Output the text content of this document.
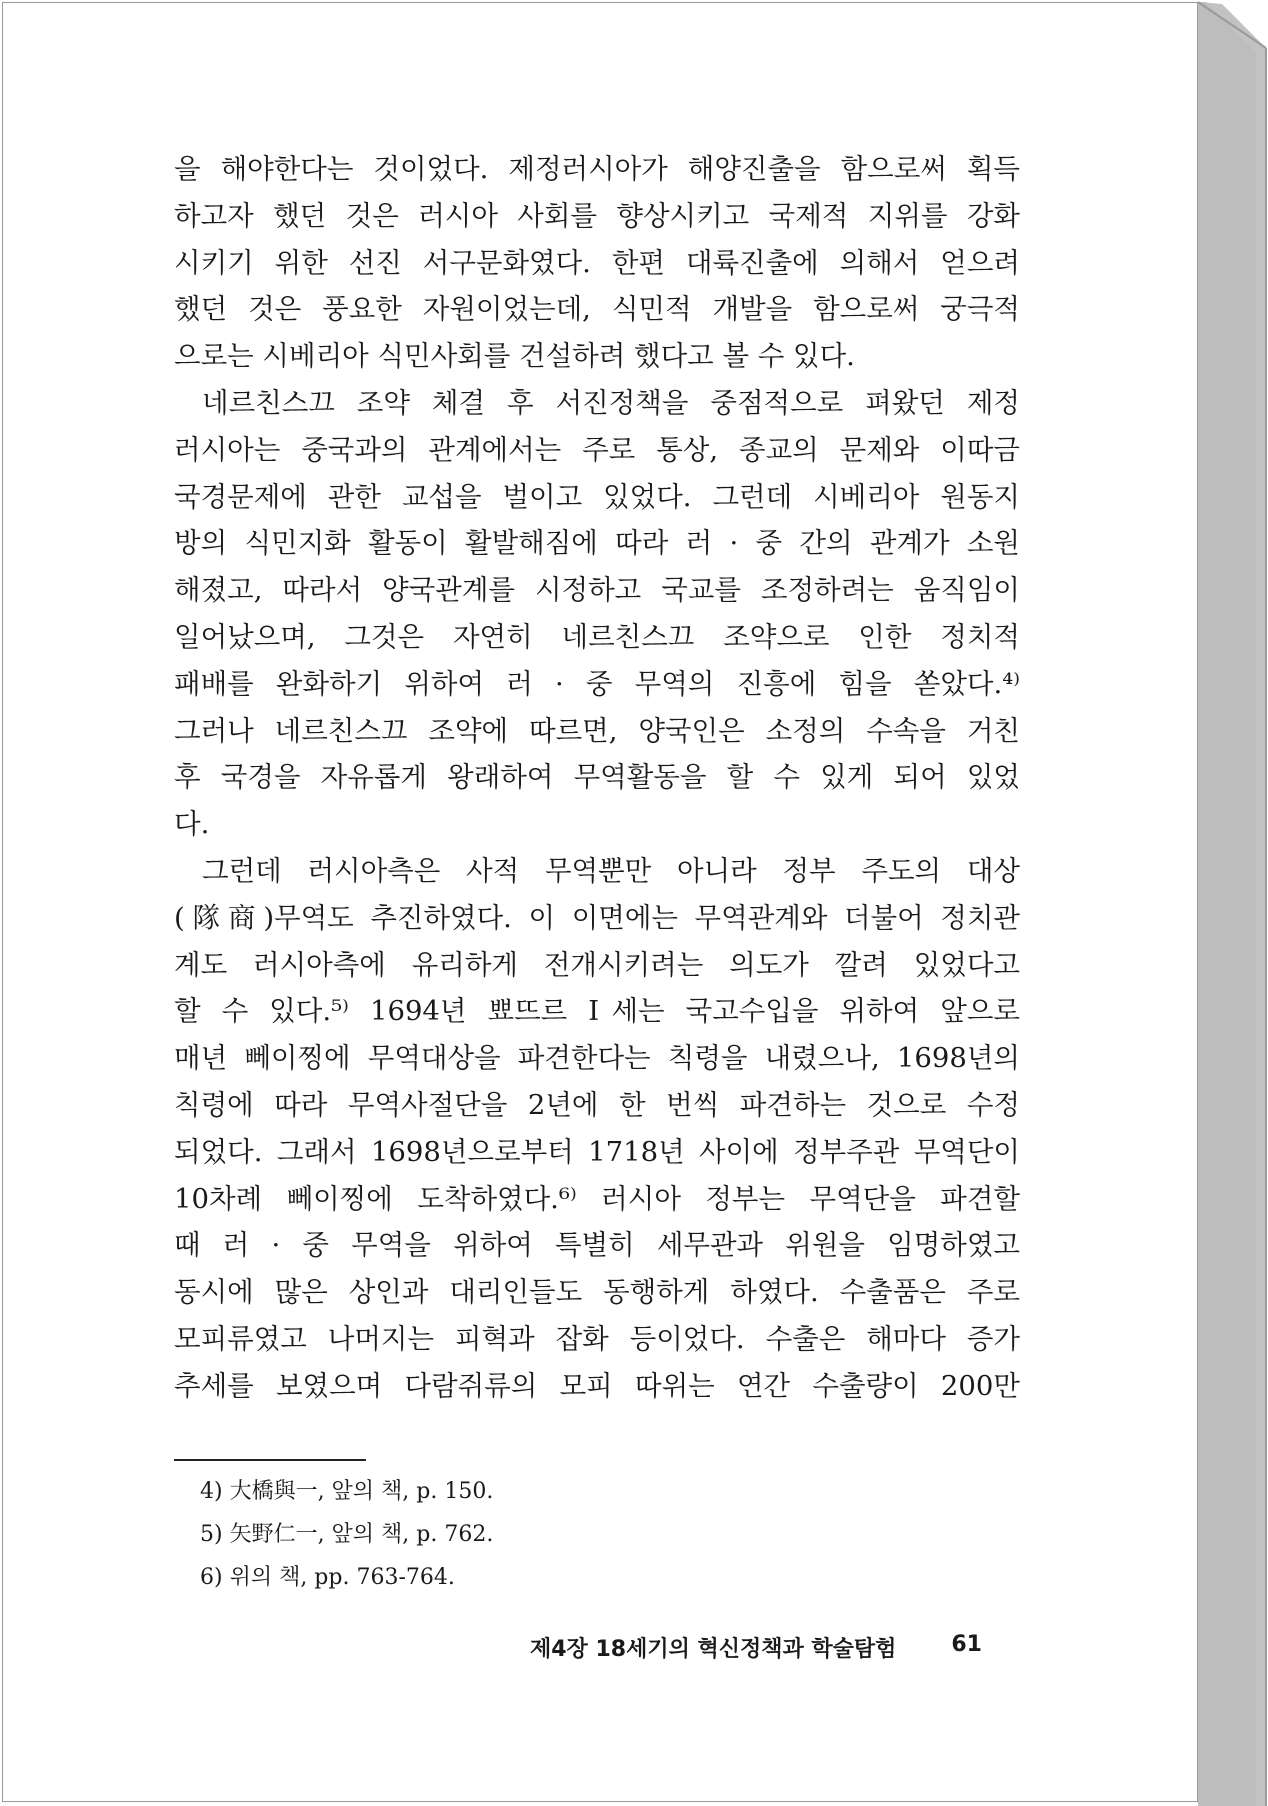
을 해야한다는 것이었다. 제정러시아가 해양진출을 함으로써 획득
하고자 했던 것은 러시아 사회를 향상시키고 국제적 지위를 강화
시키기 위한 선진 서구문화였다. 한편 대륙진출에 의해서 얻으려
했던 것은 풍요한 자원이었는데, 식민적 개발을 함으로써 궁극적
으로는 시베리아 식민사회를 건설하려 했다고 볼 수 있다.
네르친스끄 조약 체결 후 서진정책을 중점적으로 펴왔던 제정
러시아는 중국과의 관계에서는 주로 통상, 종교의 문제와 이따금
국경문제에 관한 교섭을 벌이고 있었다. 그런데 시베리아 원동지
방의 식민지화 활동이 활발해짐에 따라 러 · 중 간의 관계가 소원
해졌고, 따라서 양국관계를 시정하고 국교를 조정하려는 움직임이
일어났으며, 그것은 자연히 네르친스끄 조약으로 인한 정치적
패배를 완화하기 위하여 러 · 중 무역의 진흥에 힘을 쏟았다.⁴⁾
그러나 네르친스끄 조약에 따르면, 양국인은 소정의 수속을 거친
후 국경을 자유롭게 왕래하여 무역활동을 할 수 있게 되어 있었
다.
그런데 러시아측은 사적 무역뿐만 아니라 정부 주도의 대상
(隊商)무역도 추진하였다. 이 이면에는 무역관계와 더불어 정치관
계도 러시아측에 유리하게 전개시키려는 의도가 깔려 있었다고
할 수 있다.⁵⁾ 1694년 뾰뜨르 Ⅰ세는 국고수입을 위하여 앞으로
매년 뻬이찡에 무역대상을 파견한다는 칙령을 내렸으나, 1698년의
칙령에 따라 무역사절단을 2년에 한 번씩 파견하는 것으로 수정
되었다. 그래서 1698년으로부터 1718년 사이에 정부주관 무역단이
10차례 뻬이찡에 도착하였다.⁶⁾ 러시아 정부는 무역단을 파견할
때 러 · 중 무역을 위하여 특별히 세무관과 위원을 임명하였고
동시에 많은 상인과 대리인들도 동행하게 하였다. 수출품은 주로
모피류였고 나머지는 피혁과 잡화 등이었다. 수출은 해마다 증가
추세를 보였으며 다람쥐류의 모피 따위는 연간 수출량이 200만
4) 大橋與一, 앞의 책, p. 150.
5) 矢野仁一, 앞의 책, p. 762.
6) 위의 책, pp. 763-764.
제4장 18세기의 혁신정책과 학술탐험 61
